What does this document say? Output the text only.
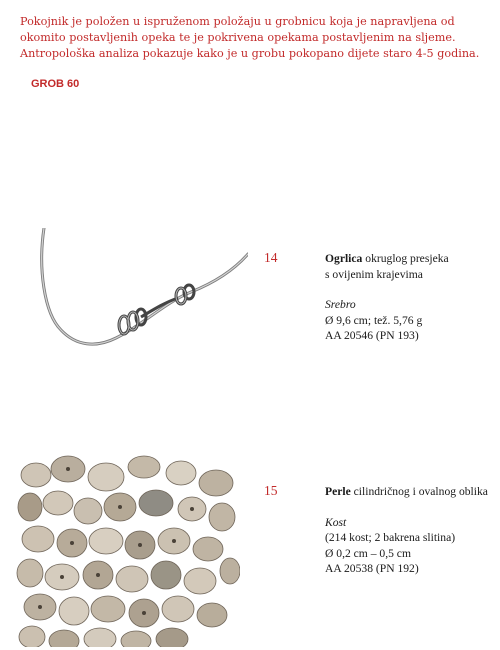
Pokojnik je položen u ispruženom položaju u grobnicu koja je napravljena od okomito postavljenih opeka te je pokrivena opekama postavljenim na sljeme. Antropološka analiza pokazuje kako je u grobu pokopano dijete staro 4-5 godina.

GROB 60
14	Ogrlica okruglog presjeka
s ovijenim krajevima
Srebro
Ø 9,6 cm; tež. 5,76 g
AA 20546 (PN 193)
15	Perle cilindričnog i ovalnog oblika
Kost
(214 kost; 2 bakrena slitina)
Ø 0,2 cm – 0,5 cm
AA 20538 (PN 192)
